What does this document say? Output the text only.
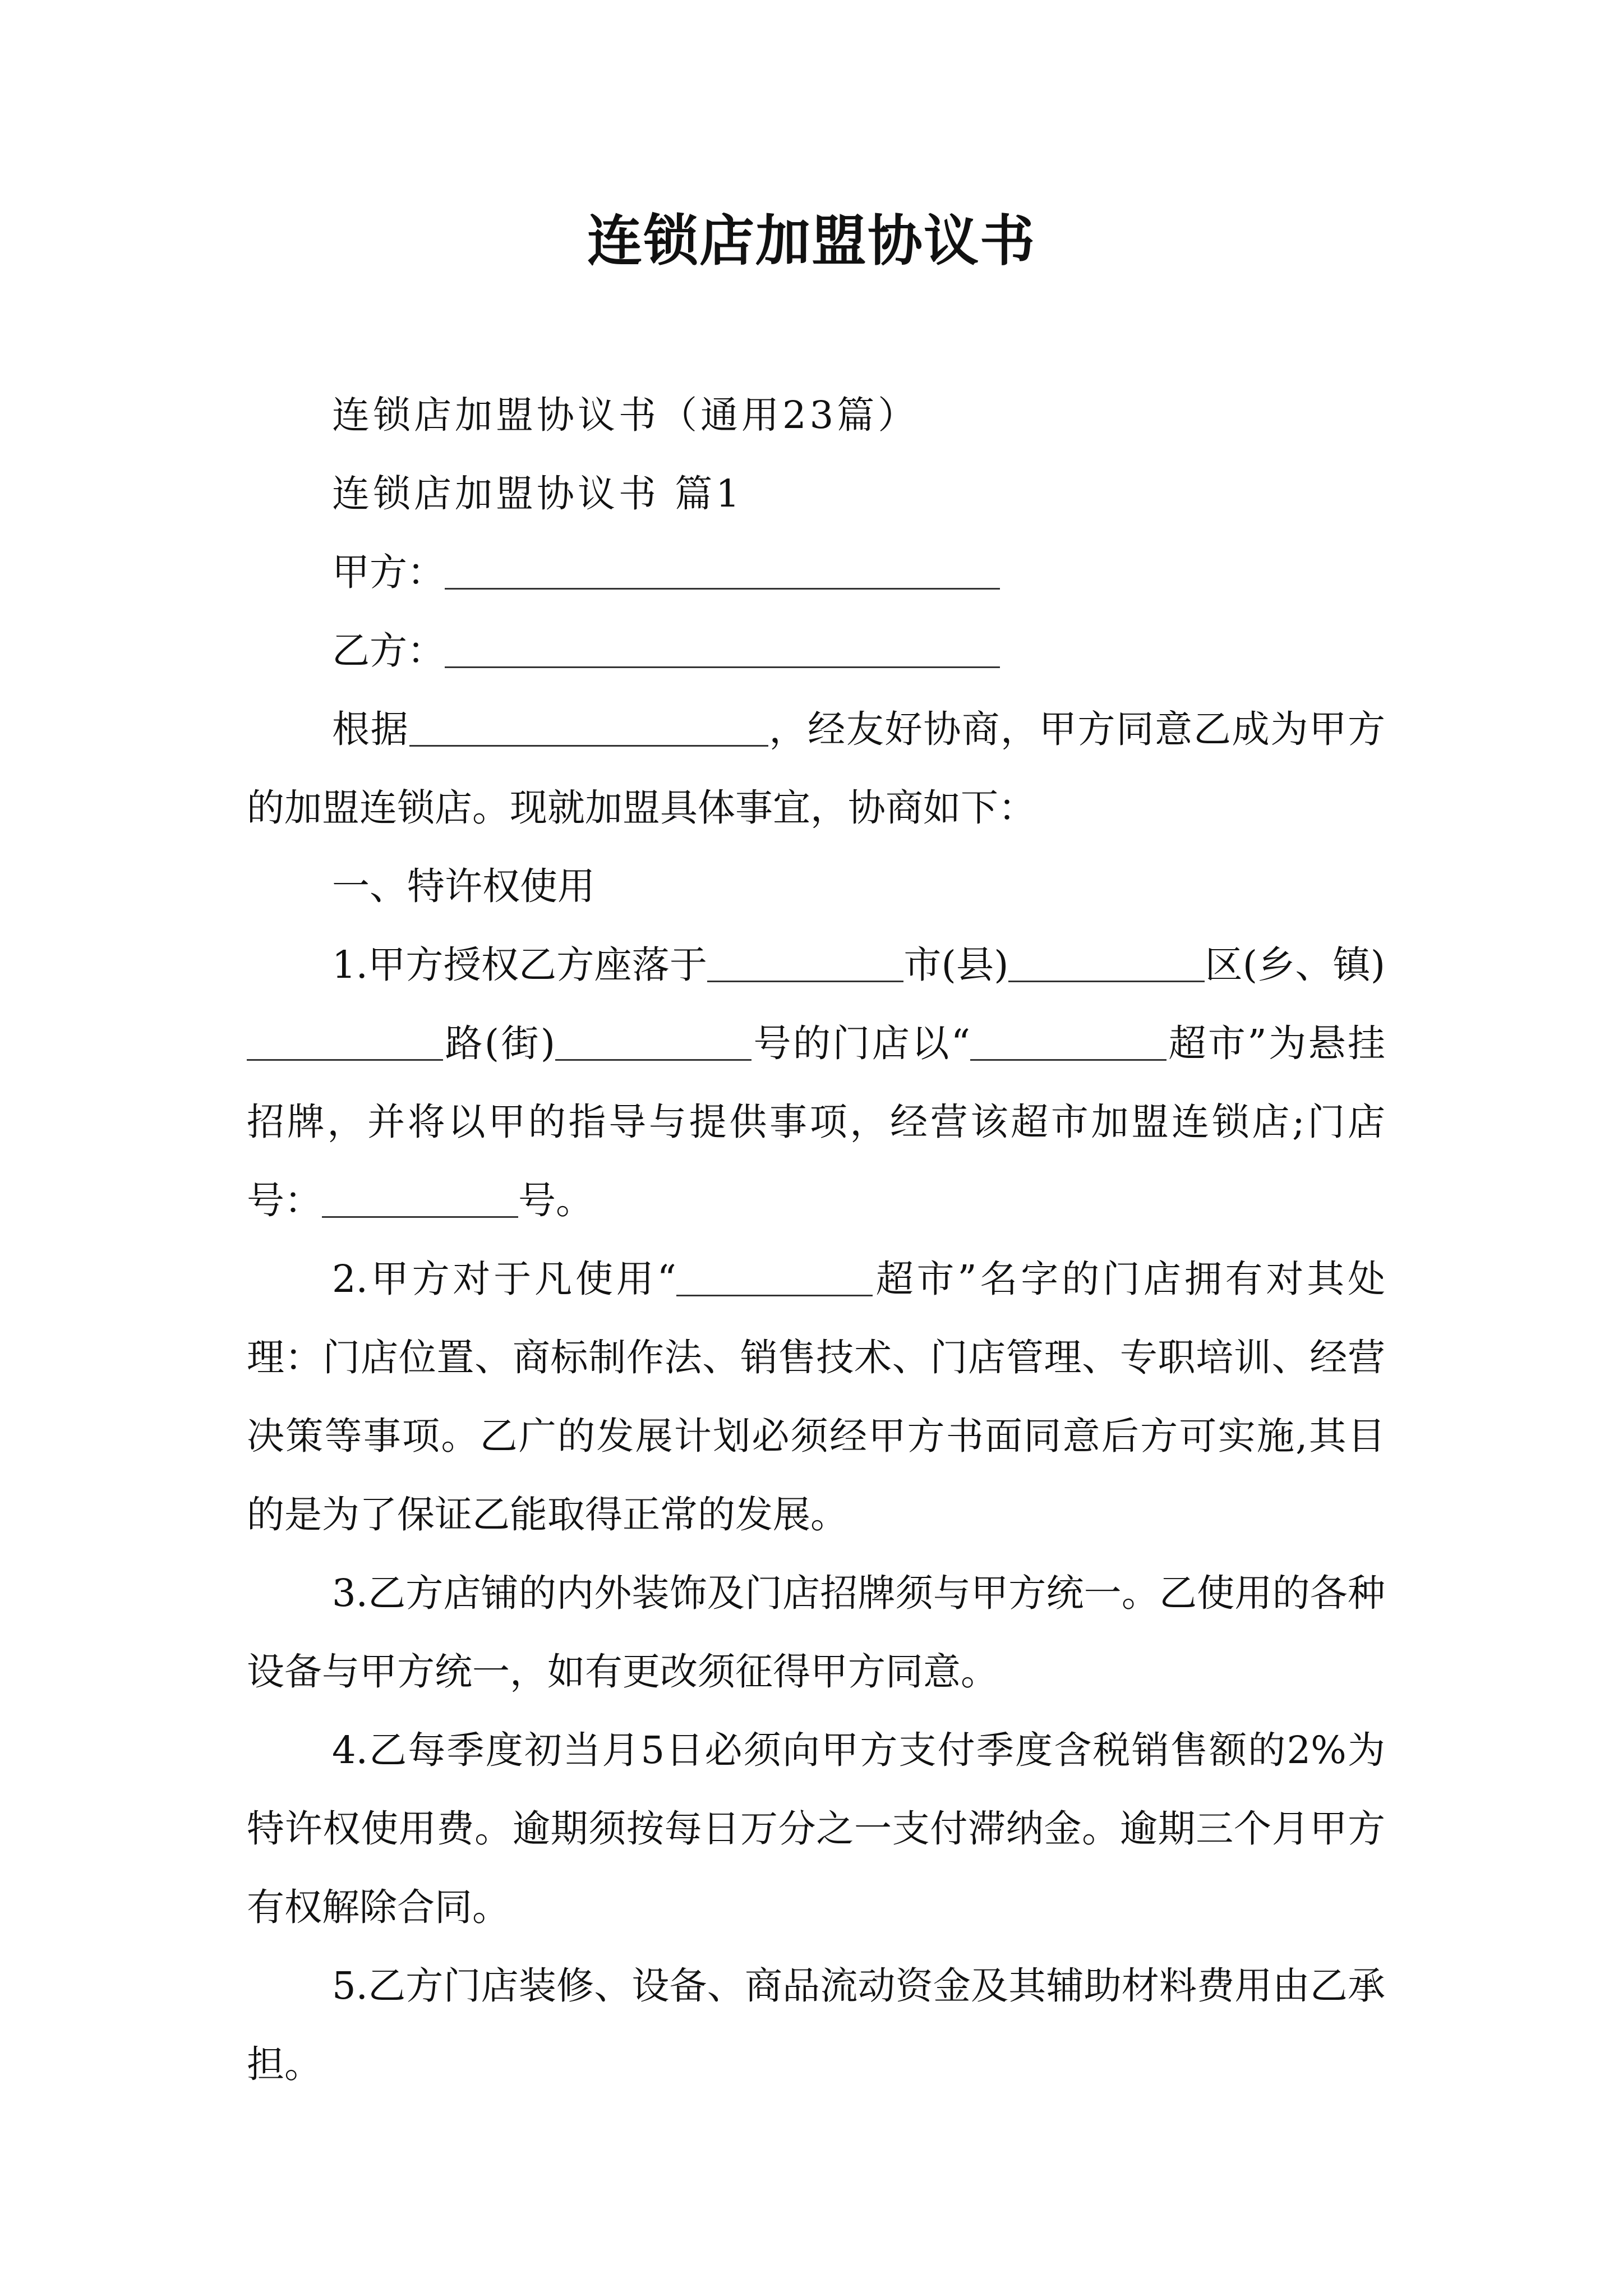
连锁店加盟协议书

连锁店加盟协议书（通用23篇）

连锁店加盟协议书 篇1

甲方：

乙方：

根据	，经友好协商，甲方同意乙成为甲方的加盟连锁店。现就加盟具体事宜，协商如下：

一、特许权使用

1.甲方授权乙方座落于	市(县)	区(乡、镇)路(街)	号的门店以“	超市”为悬挂招牌，并将以甲的指导与提供事项，经营该超市加盟连锁店;门店号：	号。

2.甲方对于凡使用“	超市”名字的门店拥有对其处理：门店位置、商标制作法、销售技术、门店管理、专职培训、经营决策等事项。乙广的发展计划必须经甲方书面同意后方可实施,其目的是为了保证乙能取得正常的发展。

3.乙方店铺的内外装饰及门店招牌须与甲方统一。乙使用的各种设备与甲方统一，如有更改须征得甲方同意。

4.乙每季度初当月5日必须向甲方支付季度含税销售额的2%为特许权使用费。逾期须按每日万分之一支付滞纳金。逾期三个月甲方有权解除合同。

5.乙方门店装修、设备、商品流动资金及其辅助材料费用由乙承担。
